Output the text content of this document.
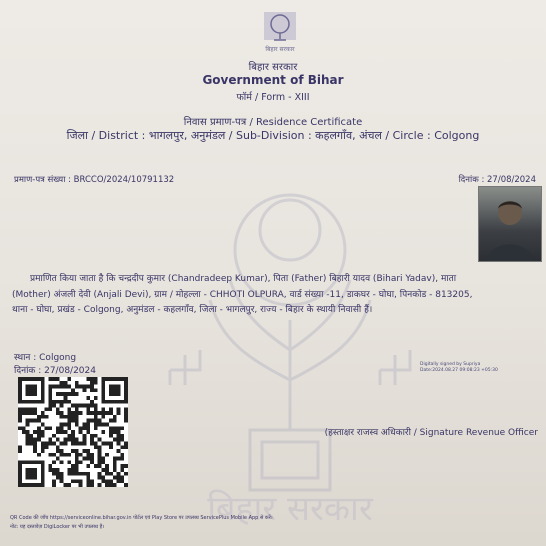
बिहार सरकार
बिहार सरकार
बिहार सरकार
Government of Bihar
फॉर्म / Form - XIII
निवास प्रमाण-पत्र / Residence Certificate
जिला / District : भागलपुर, अनुमंडल / Sub-Division : कहलगाँव, अंचल / Circle : Colgong
प्रमाण-पत्र संख्या : BRCCO/2024/10791132	दिनांक : 27/08/2024
प्रमाणित किया जाता है कि चन्द्रदीप कुमार (Chandradeep Kumar), पिता (Father) बिहारी यादव (Bihari Yadav), माता
(Mother) अंजली देवी (Anjali Devi), ग्राम / मोहल्ला - CHHOTI OLPURA, वार्ड संख्या -11, डाकघर - घोघा, पिनकोड - 813205,
थाना - घोघा, प्रखंड - Colgong, अनुमंडल - कहलगाँव, जिला - भागलपुर, राज्य - बिहार के स्थायी निवासी हैं।
स्थान : Colgong
दिनांक : 27/08/2024
Digitally signed by Supriya
Date:2024.08.27 09:08:23 +05:30
(हस्ताक्षर राजस्व अधिकारी / Signature Revenue Officer
QR Code की जाँच https://serviceonline.bihar.gov.in पोर्टल एवं Play Store पर उपलब्ध ServicePlus Mobile App से करें।
नोट: यह दस्तावेज़ DigiLocker पर भी उपलब्ध है।
